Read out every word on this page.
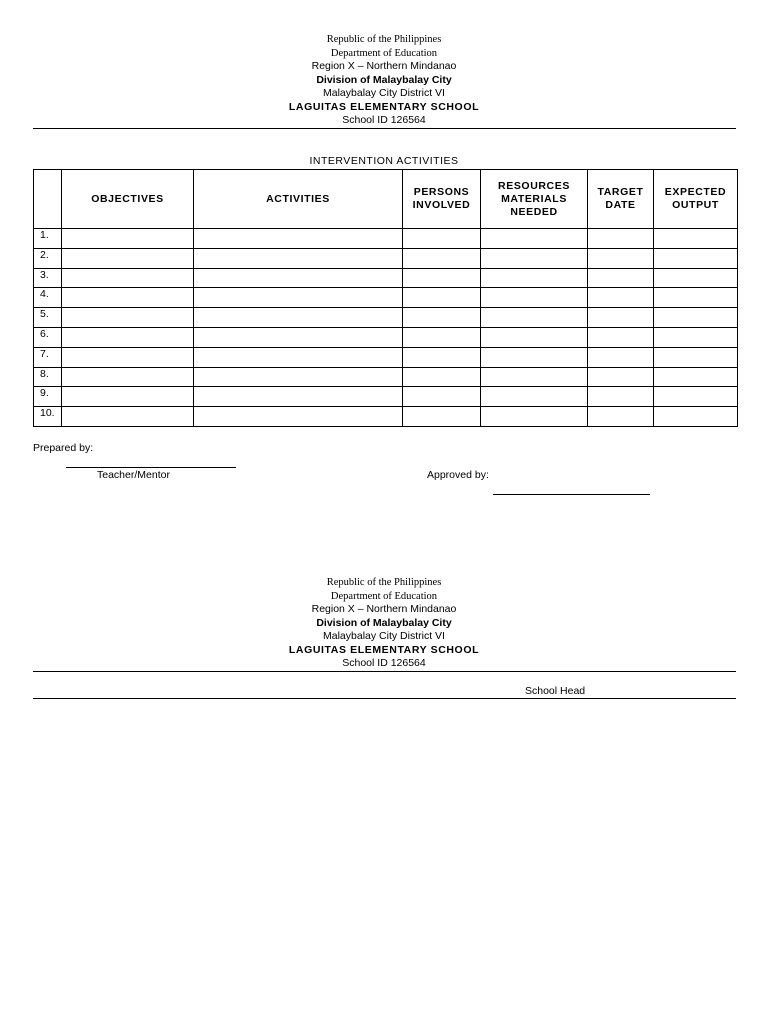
Republic of the Philippines
Department of Education
Region X – Northern Mindanao
Division of Malaybalay City
Malaybalay City District VI
LAGUITAS ELEMENTARY SCHOOL
School ID 126564
INTERVENTION ACTIVITIES
	OBJECTIVES	ACTIVITIES	PERSONS INVOLVED	RESOURCES MATERIALS NEEDED	TARGET DATE	EXPECTED OUTPUT
1.						
2.						
3.						
4.						
5.						
6.						
7.						
8.						
9.						
10.						
Prepared by:
Teacher/Mentor	Approved by:
Republic of the Philippines
Department of Education
Region X – Northern Mindanao
Division of Malaybalay City
Malaybalay City District VI
LAGUITAS ELEMENTARY SCHOOL
School ID 126564
School Head
